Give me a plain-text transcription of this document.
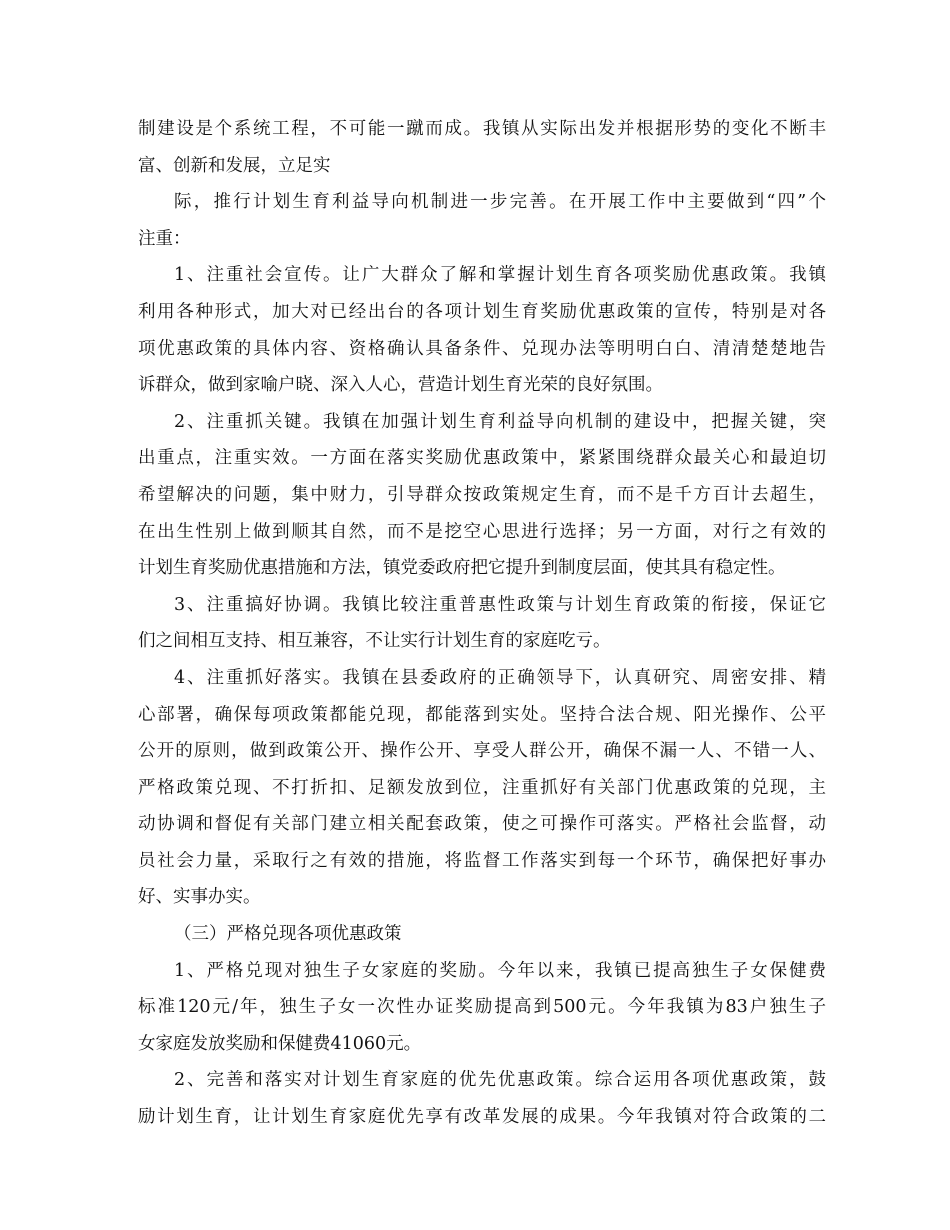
制建设是个系统工程，不可能一蹴而成。我镇从实际出发并根据形势的变化不断丰
富、创新和发展，立足实
际，推行计划生育利益导向机制进一步完善。在开展工作中主要做到“四”个
注重：
1、注重社会宣传。让广大群众了解和掌握计划生育各项奖励优惠政策。我镇
利用各种形式，加大对已经出台的各项计划生育奖励优惠政策的宣传，特别是对各
项优惠政策的具体内容、资格确认具备条件、兑现办法等明明白白、清清楚楚地告
诉群众，做到家喻户晓、深入人心，营造计划生育光荣的良好氛围。
2、注重抓关键。我镇在加强计划生育利益导向机制的建设中，把握关键，突
出重点，注重实效。一方面在落实奖励优惠政策中，紧紧围绕群众最关心和最迫切
希望解决的问题，集中财力，引导群众按政策规定生育，而不是千方百计去超生，
在出生性别上做到顺其自然，而不是挖空心思进行选择；另一方面，对行之有效的
计划生育奖励优惠措施和方法，镇党委政府把它提升到制度层面，使其具有稳定性。
3、注重搞好协调。我镇比较注重普惠性政策与计划生育政策的衔接，保证它
们之间相互支持、相互兼容，不让实行计划生育的家庭吃亏。
4、注重抓好落实。我镇在县委政府的正确领导下，认真研究、周密安排、精
心部署，确保每项政策都能兑现，都能落到实处。坚持合法合规、阳光操作、公平
公开的原则，做到政策公开、操作公开、享受人群公开，确保不漏一人、不错一人、
严格政策兑现、不打折扣、足额发放到位，注重抓好有关部门优惠政策的兑现，主
动协调和督促有关部门建立相关配套政策，使之可操作可落实。严格社会监督，动
员社会力量，采取行之有效的措施，将监督工作落实到每一个环节，确保把好事办
好、实事办实。
（三）严格兑现各项优惠政策
1、严格兑现对独生子女家庭的奖励。今年以来，我镇已提高独生子女保健费
标准120元/年，独生子女一次性办证奖励提高到500元。今年我镇为83户独生子
女家庭发放奖励和保健费41060元。
2、完善和落实对计划生育家庭的优先优惠政策。综合运用各项优惠政策，鼓
励计划生育，让计划生育家庭优先享有改革发展的成果。今年我镇对符合政策的二
